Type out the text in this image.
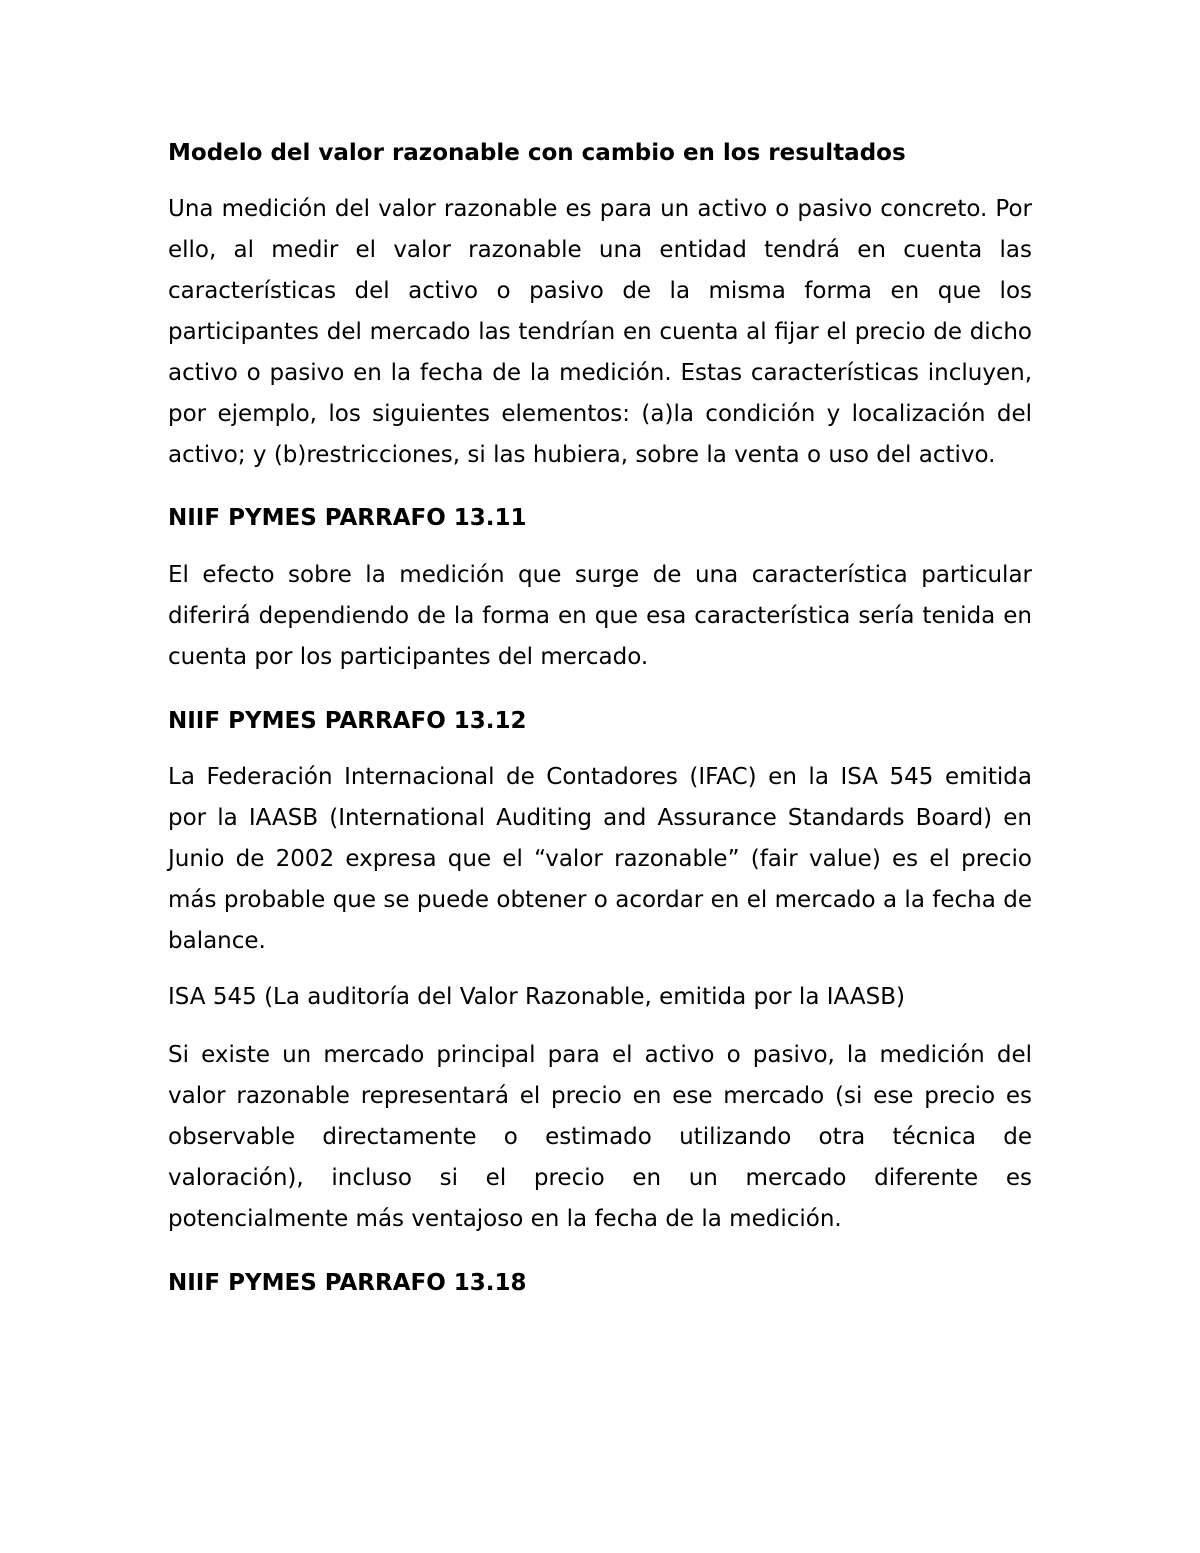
Modelo del valor razonable con cambio en los resultados

Una medición del valor razonable es para un activo o pasivo concreto. Por ello, al medir el valor razonable una entidad tendrá en cuenta las características del activo o pasivo de la misma forma en que los participantes del mercado las tendrían en cuenta al fijar el precio de dicho activo o pasivo en la fecha de la medición. Estas características incluyen, por ejemplo, los siguientes elementos: (a)la condición y localización del activo; y (b)restricciones, si las hubiera, sobre la venta o uso del activo.

NIIF PYMES PARRAFO 13.11

El efecto sobre la medición que surge de una característica particular diferirá dependiendo de la forma en que esa característica sería tenida en cuenta por los participantes del mercado.

NIIF PYMES PARRAFO 13.12

La Federación Internacional de Contadores (IFAC) en la ISA 545 emitida por la IAASB (International Auditing and Assurance Standards Board) en Junio de 2002 expresa que el “valor razonable” (fair value) es el precio más probable que se puede obtener o acordar en el mercado a la fecha de balance.

ISA 545 (La auditoría del Valor Razonable, emitida por la IAASB)

Si existe un mercado principal para el activo o pasivo, la medición del valor razonable representará el precio en ese mercado (si ese precio es observable directamente o estimado utilizando otra técnica de valoración), incluso si el precio en un mercado diferente es potencialmente más ventajoso en la fecha de la medición.

NIIF PYMES PARRAFO 13.18
